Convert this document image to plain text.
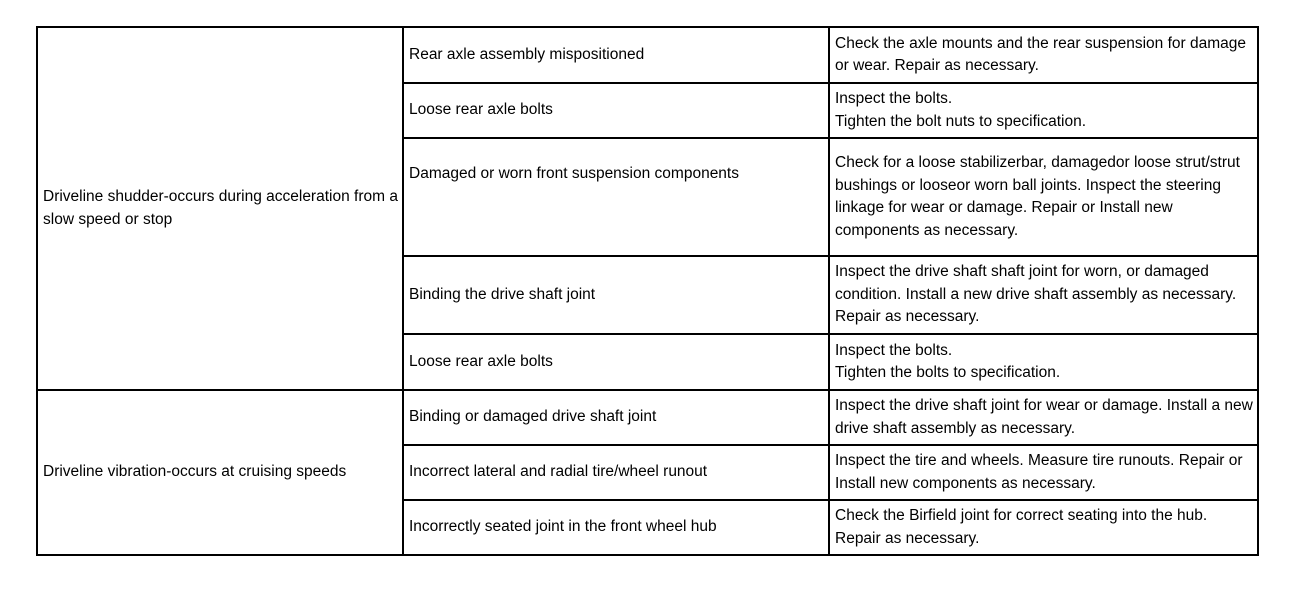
Driveline shudder-occurs during acceleration from a slow speed or stop	Rear axle assembly mispositioned	Check the axle mounts and the rear suspension for damage or wear. Repair as necessary.
	Loose rear axle bolts	Inspect the bolts.
Tighten the bolt nuts to specification.
	Damaged or worn front suspension components	Check for a loose stabilizerbar, damagedor loose strut/strut bushings or looseor worn ball joints. Inspect the steering linkage for wear or damage. Repair or Install new components as necessary.
	Binding the drive shaft joint	Inspect the drive shaft shaft joint for worn, or damaged condition. Install a new drive shaft assembly as necessary. Repair as necessary.
	Loose rear axle bolts	Inspect the bolts.
Tighten the bolts to specification.
Driveline vibration-occurs at cruising speeds	Binding or damaged drive shaft joint	Inspect the drive shaft joint for wear or damage. Install a new drive shaft assembly as necessary.
	Incorrect lateral and radial tire/wheel runout	Inspect the tire and wheels. Measure tire runouts. Repair or Install new components as necessary.
	Incorrectly seated joint in the front wheel hub	Check the Birfield joint for correct seating into the hub. Repair as necessary.
